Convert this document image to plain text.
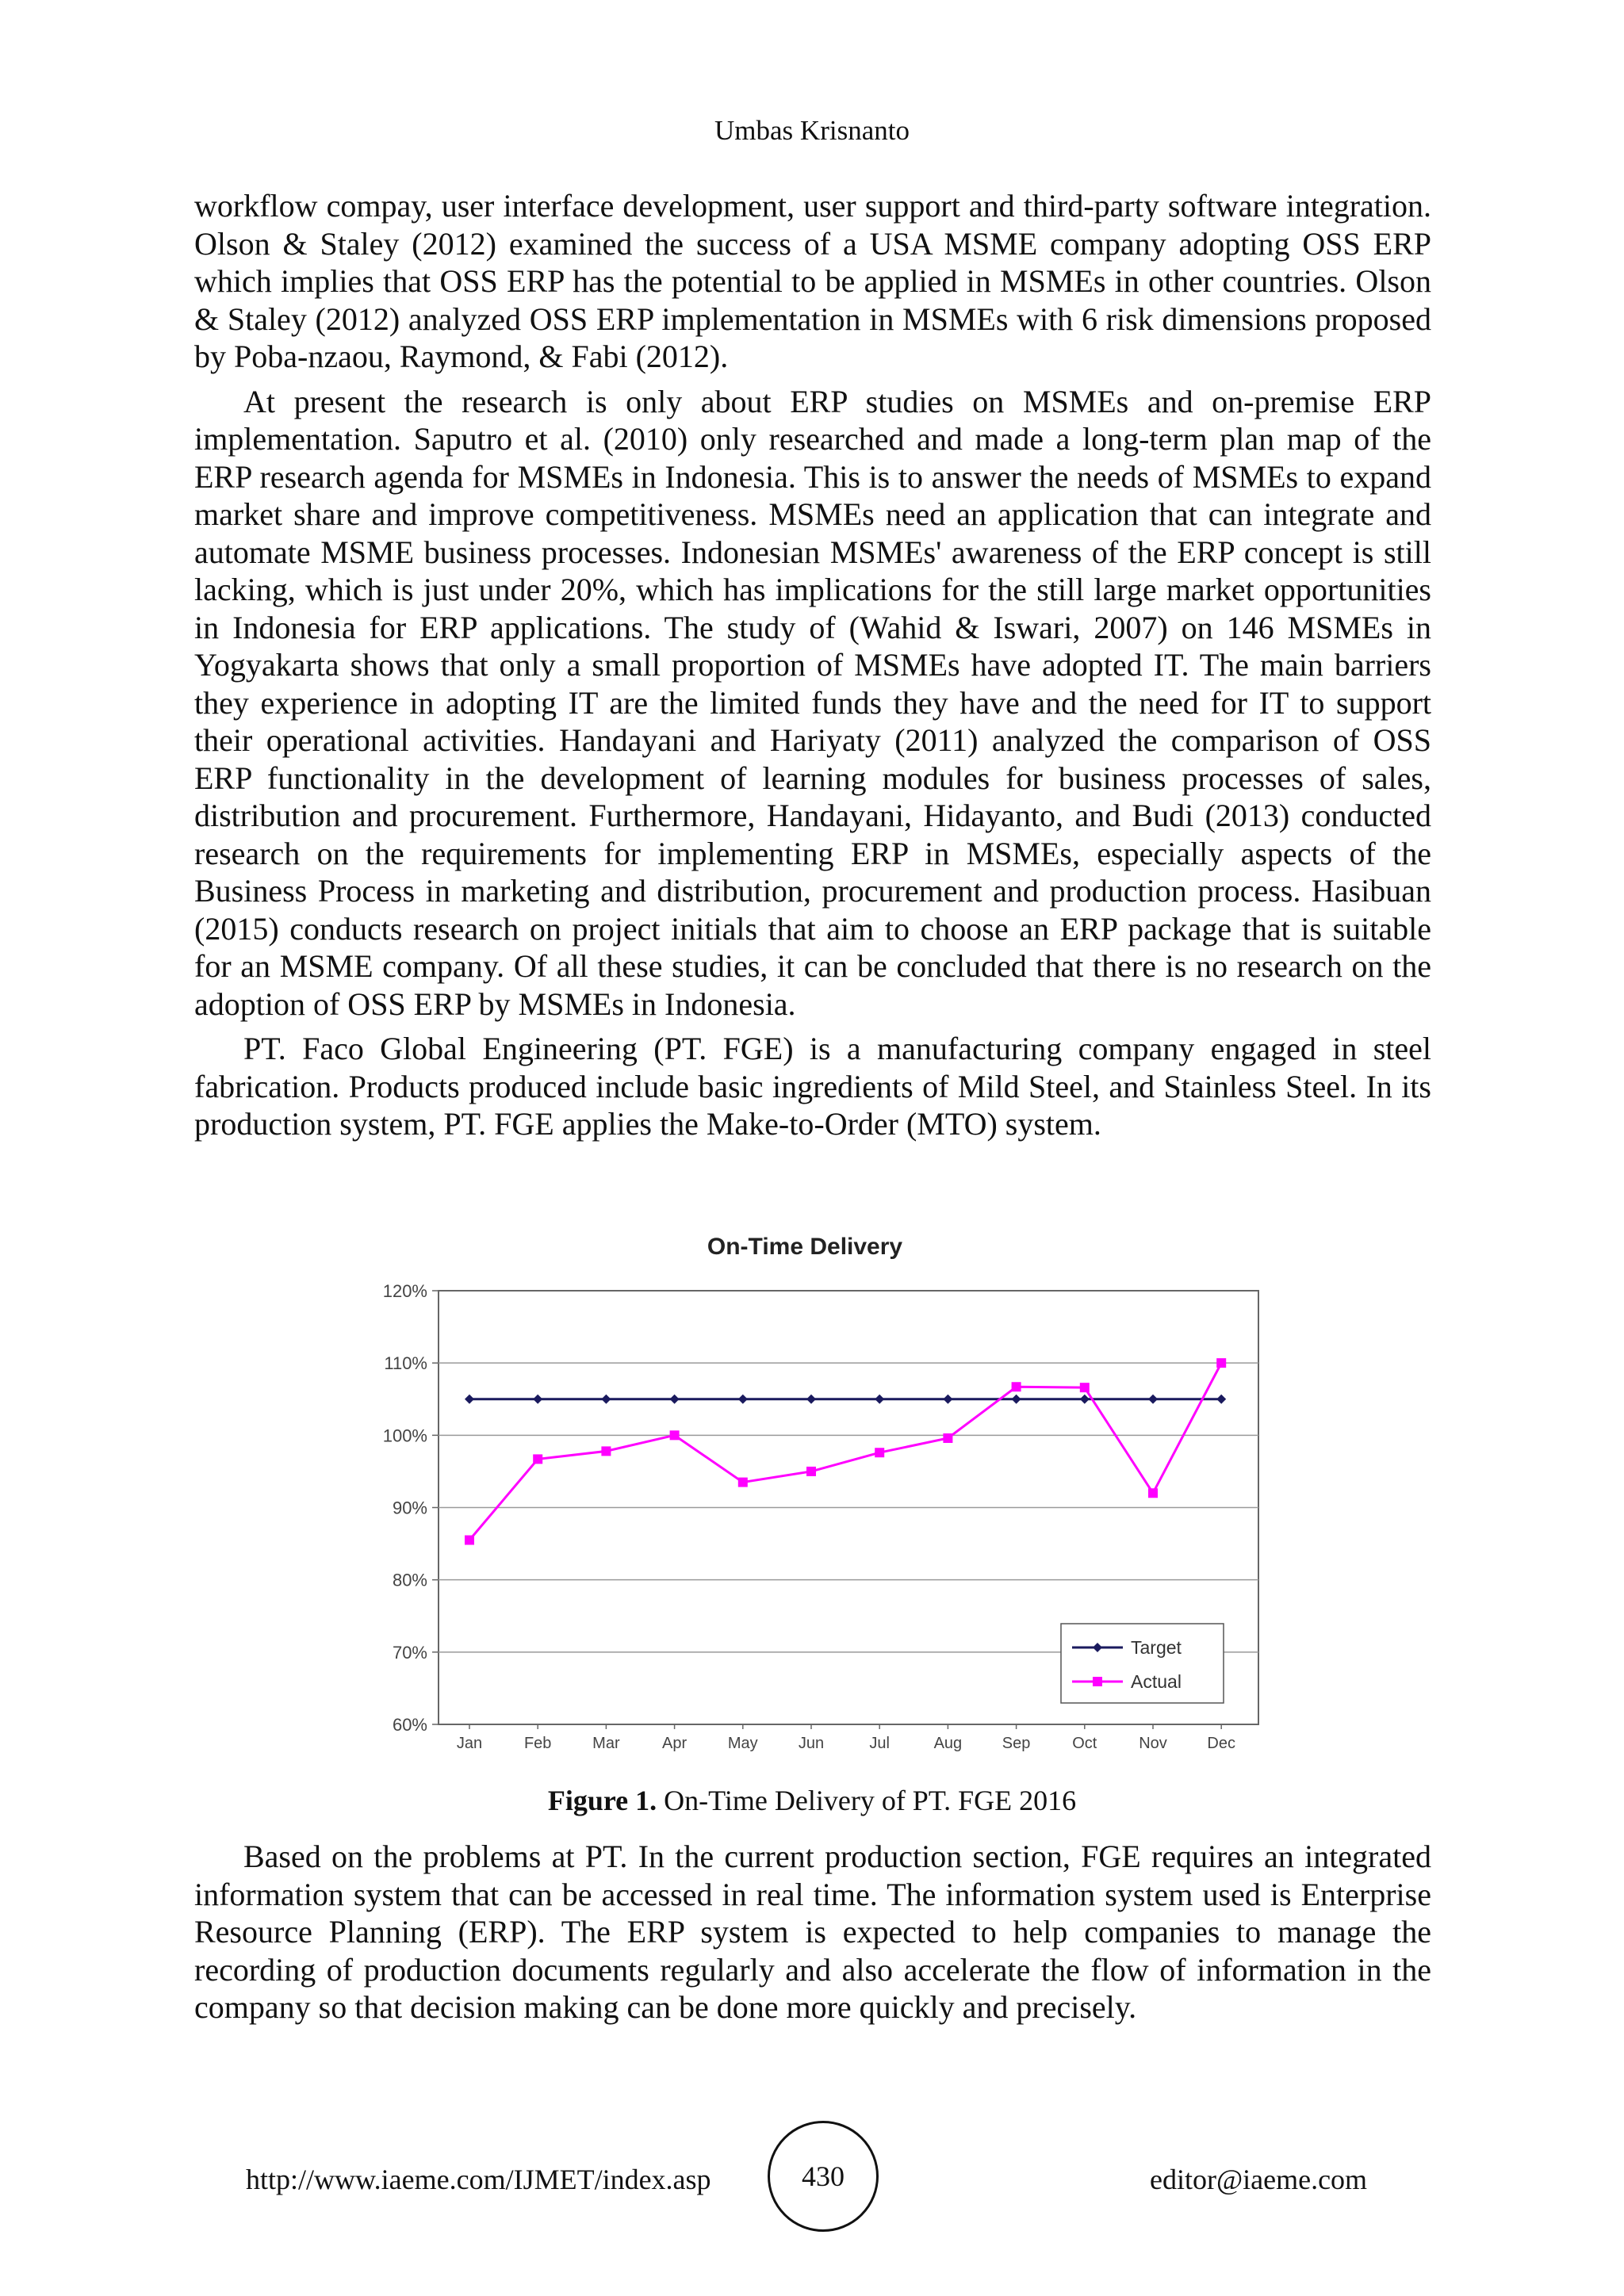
Umbas Krisnanto

workflow compay, user interface development, user support and third-party software integration. Olson & Staley (2012) examined the success of a USA MSME company adopting OSS ERP which implies that OSS ERP has the potential to be applied in MSMEs in other countries. Olson & Staley (2012) analyzed OSS ERP implementation in MSMEs with 6 risk dimensions proposed by Poba-nzaou, Raymond, & Fabi (2012).

At present the research is only about ERP studies on MSMEs and on-premise ERP implementation. Saputro et al. (2010) only researched and made a long-term plan map of the ERP research agenda for MSMEs in Indonesia. This is to answer the needs of MSMEs to expand market share and improve competitiveness. MSMEs need an application that can integrate and automate MSME business processes. Indonesian MSMEs' awareness of the ERP concept is still lacking, which is just under 20%, which has implications for the still large market opportunities in Indonesia for ERP applications. The study of (Wahid & Iswari, 2007) on 146 MSMEs in Yogyakarta shows that only a small proportion of MSMEs have adopted IT. The main barriers they experience in adopting IT are the limited funds they have and the need for IT to support their operational activities. Handayani and Hariyaty (2011) analyzed the comparison of OSS ERP functionality in the development of learning modules for business processes of sales, distribution and procurement. Furthermore, Handayani, Hidayanto, and Budi (2013) conducted research on the requirements for implementing ERP in MSMEs, especially aspects of the Business Process in marketing and distribution, procurement and production process. Hasibuan (2015) conducts research on project initials that aim to choose an ERP package that is suitable for an MSME company. Of all these studies, it can be concluded that there is no research on the adoption of OSS ERP by MSMEs in Indonesia.

PT. Faco Global Engineering (PT. FGE) is a manufacturing company engaged in steel fabrication. Products produced include basic ingredients of Mild Steel, and Stainless Steel. In its production system, PT. FGE applies the Make-to-Order (MTO) system.

On-Time Delivery
60%
70%
80%
90%
100%
110%
120%
Jan	Feb	Mar	Apr	May	Jun	Jul	Aug	Sep	Oct	Nov	Dec
Target
Actual
Figure 1. On-Time Delivery of PT. FGE 2016

Based on the problems at PT. In the current production section, FGE requires an integrated information system that can be accessed in real time. The information system used is Enterprise Resource Planning (ERP). The ERP system is expected to help companies to manage the recording of production documents regularly and also accelerate the flow of information in the company so that decision making can be done more quickly and precisely.

http://www.iaeme.com/IJMET/index.asp	430	editor@iaeme.com
